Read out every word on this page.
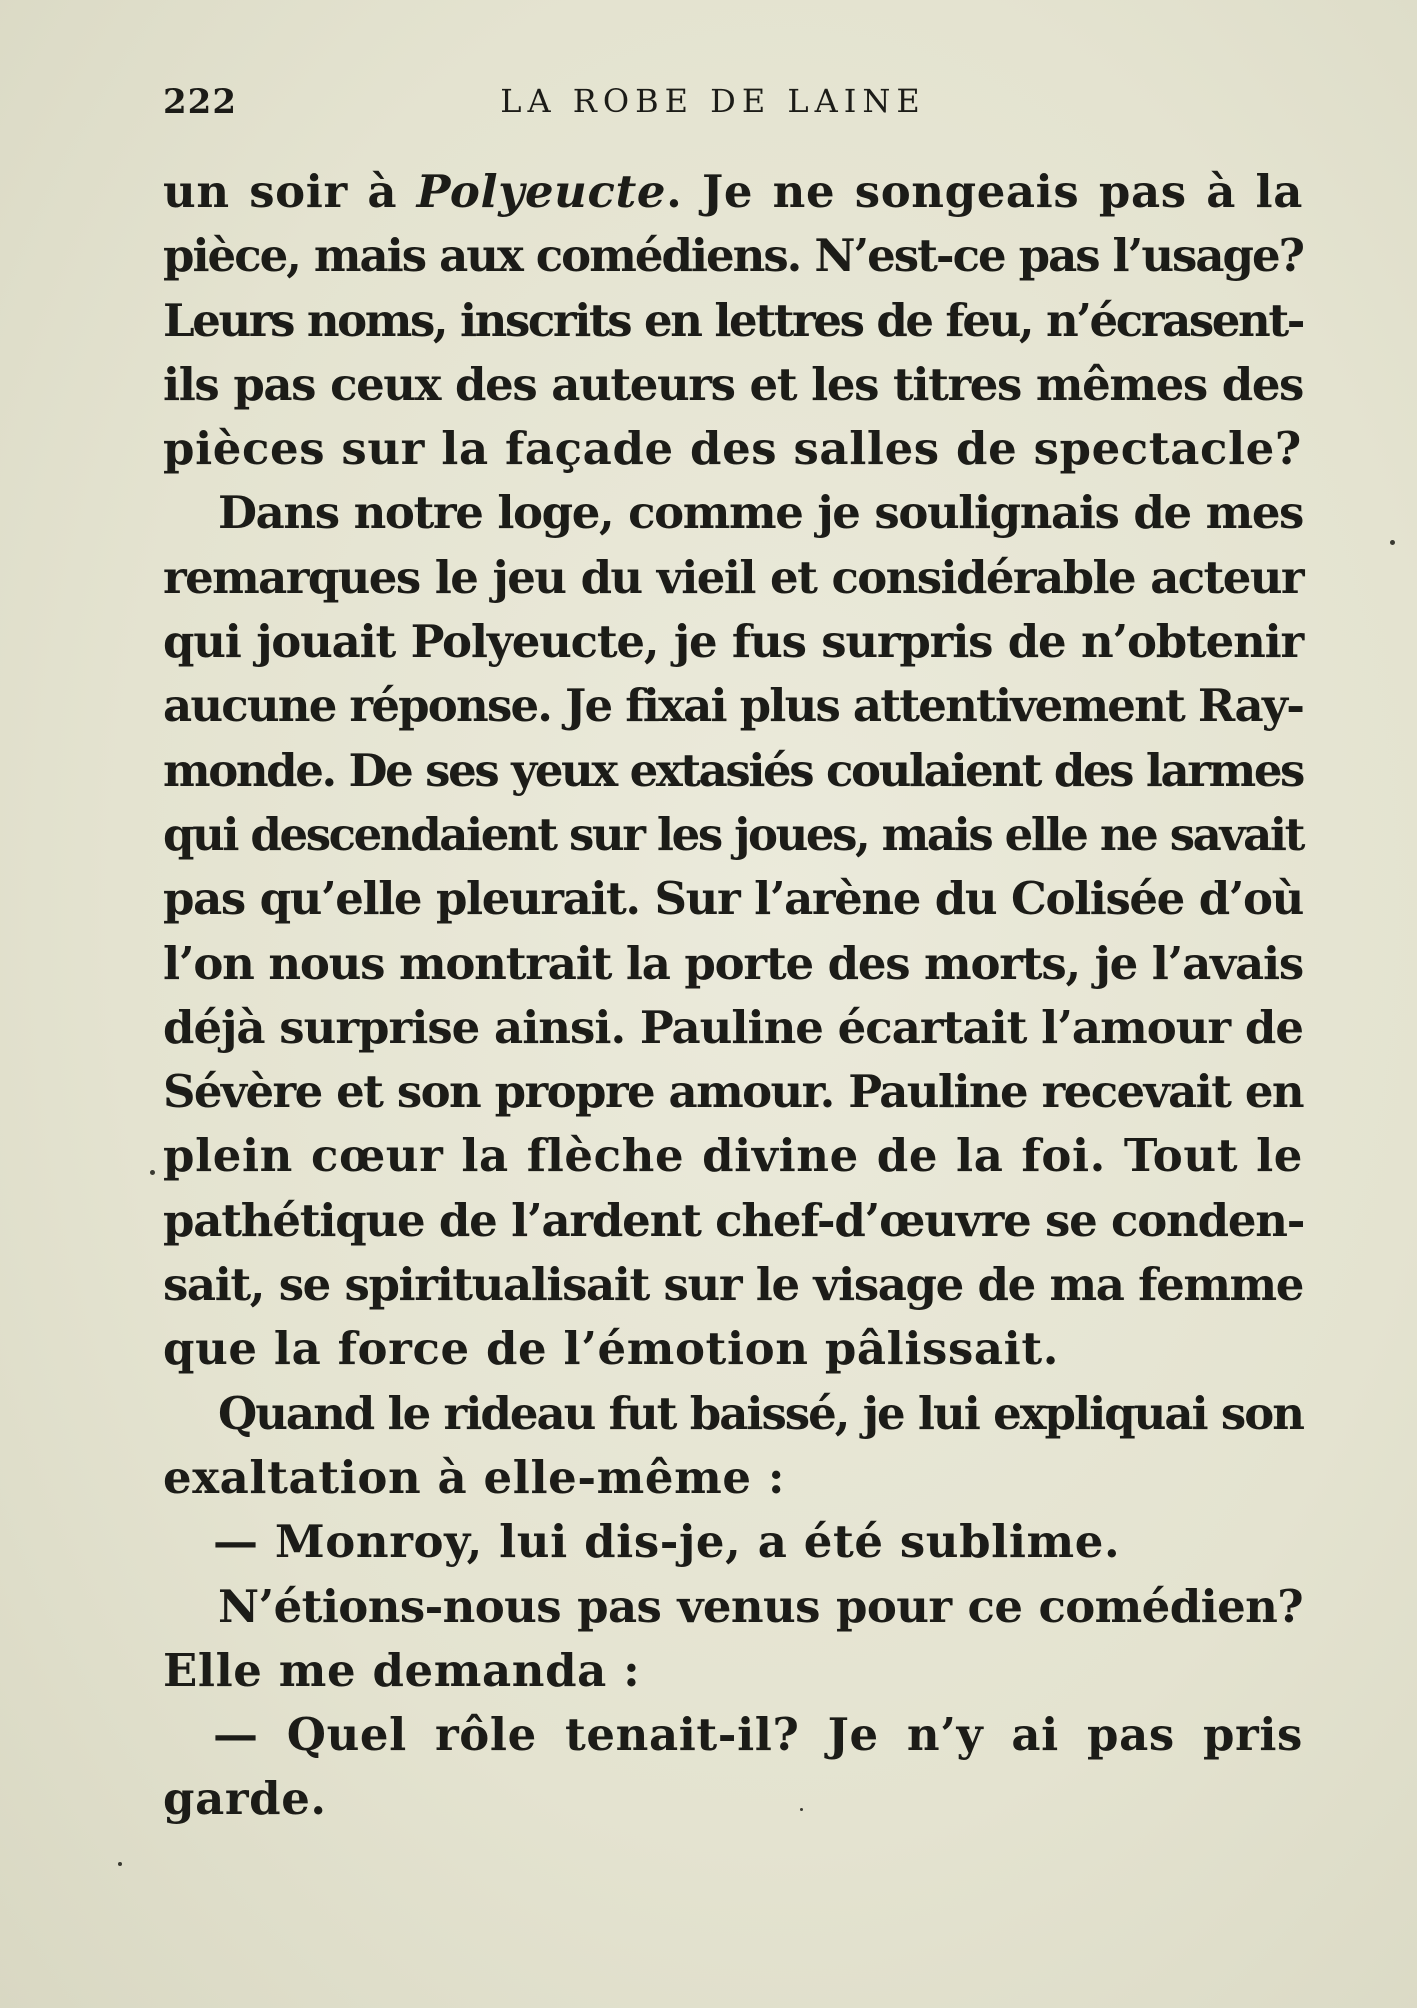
222	LA ROBE DE LAINE
un soir à Polyeucte. Je ne songeais pas à la
pièce, mais aux comédiens. N’est-ce pas l’usage?
Leurs noms, inscrits en lettres de feu, n’écrasent-
ils pas ceux des auteurs et les titres mêmes des
pièces sur la façade des salles de spectacle?
Dans notre loge, comme je soulignais de mes
remarques le jeu du vieil et considérable acteur
qui jouait Polyeucte, je fus surpris de n’obtenir
aucune réponse. Je fixai plus attentivement Ray-
monde. De ses yeux extasiés coulaient des larmes
qui descendaient sur les joues, mais elle ne savait
pas qu’elle pleurait. Sur l’arène du Colisée d’où
l’on nous montrait la porte des morts, je l’avais
déjà surprise ainsi. Pauline écartait l’amour de
Sévère et son propre amour. Pauline recevait en
plein cœur la flèche divine de la foi. Tout le
pathétique de l’ardent chef-d’œuvre se conden-
sait, se spiritualisait sur le visage de ma femme
que la force de l’émotion pâlissait.
Quand le rideau fut baissé, je lui expliquai son
exaltation à elle-même :
— Monroy, lui dis-je, a été sublime.
N’étions-nous pas venus pour ce comédien?
Elle me demanda :
— Quel rôle tenait-il? Je n’y ai pas pris
garde.
